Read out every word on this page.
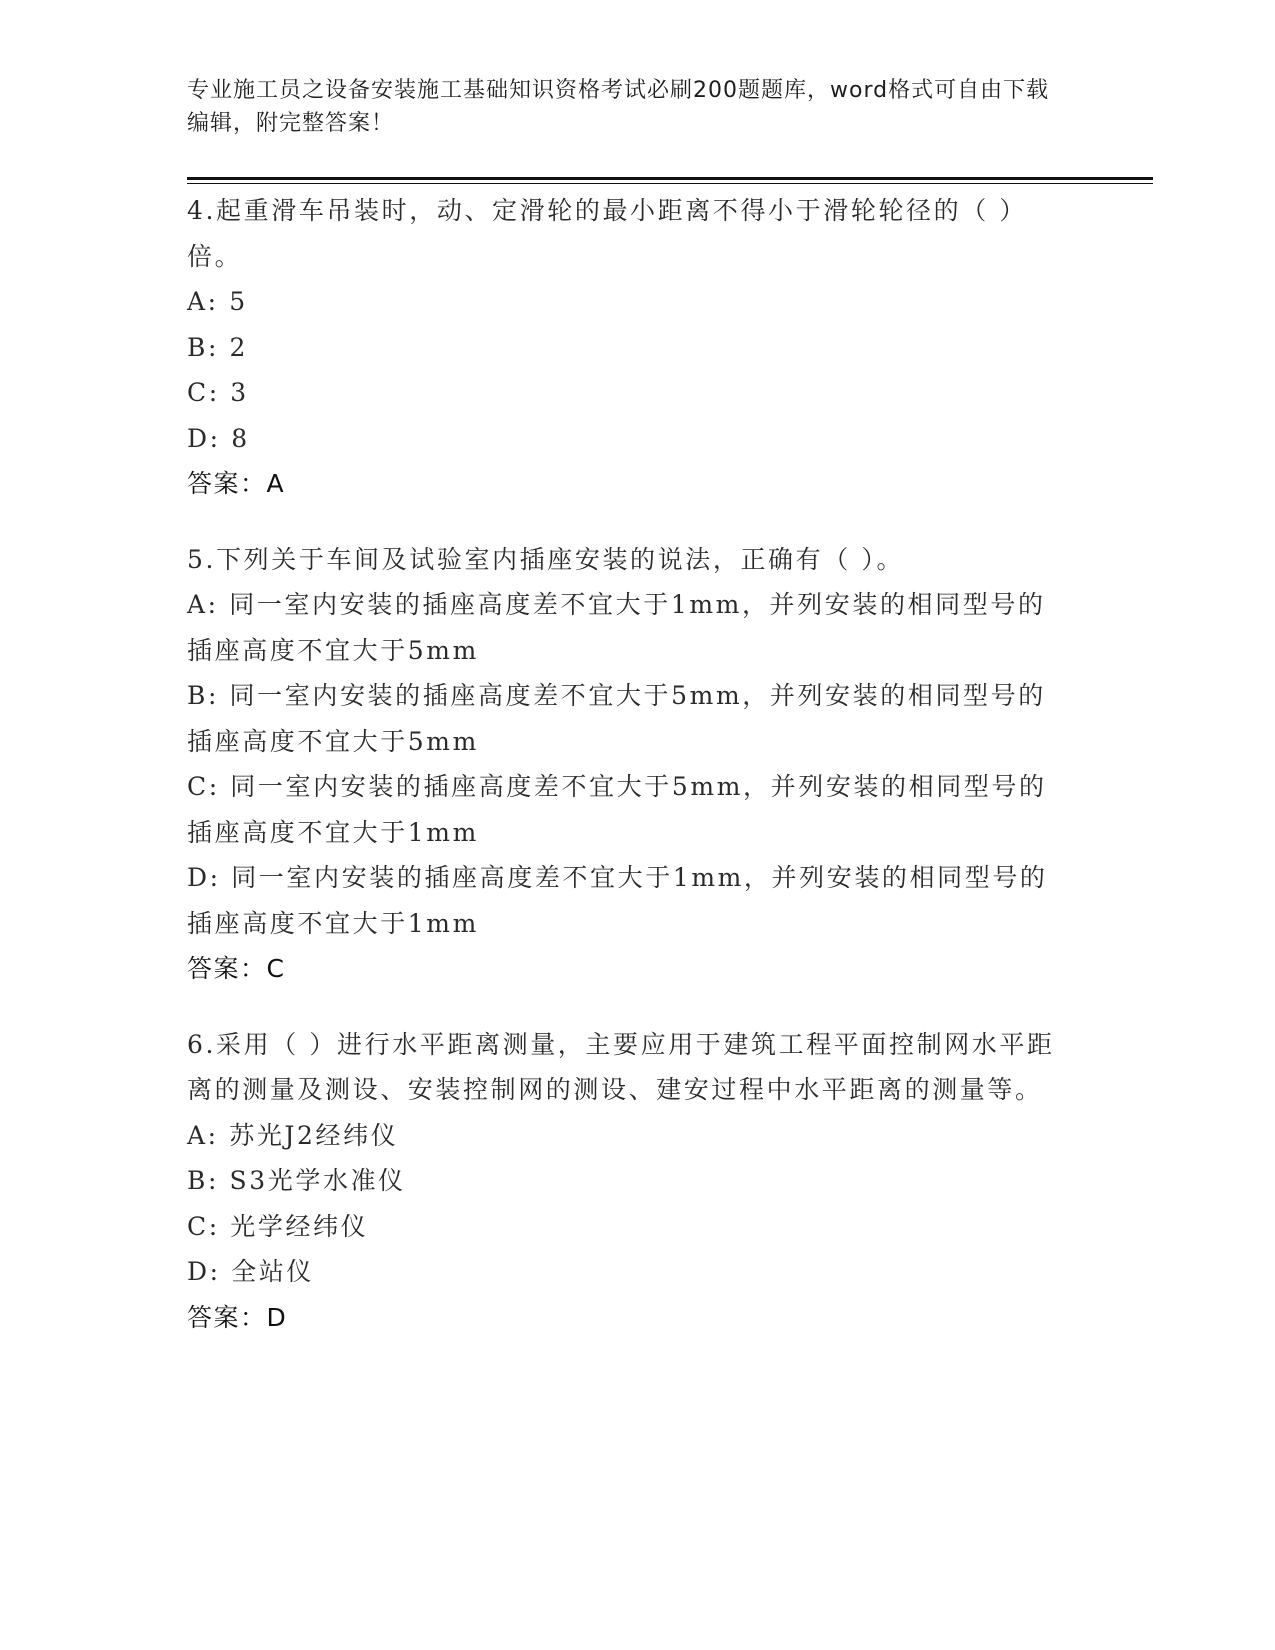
专业施工员之设备安装施工基础知识资格考试必刷200题题库，word格式可自由下载编辑，附完整答案！
4.起重滑车吊装时，动、定滑轮的最小距离不得小于滑轮轮径的（ ）倍。
A: 5
B: 2
C: 3
D: 8
答案：A
5.下列关于车间及试验室内插座安装的说法，正确有（ ）。
A: 同一室内安装的插座高度差不宜大于1mm，并列安装的相同型号的插座高度不宜大于5mm
B: 同一室内安装的插座高度差不宜大于5mm，并列安装的相同型号的插座高度不宜大于5mm
C: 同一室内安装的插座高度差不宜大于5mm，并列安装的相同型号的插座高度不宜大于1mm
D: 同一室内安装的插座高度差不宜大于1mm，并列安装的相同型号的插座高度不宜大于1mm
答案：C
6.采用（ ）进行水平距离测量，主要应用于建筑工程平面控制网水平距离的测量及测设、安装控制网的测设、建安过程中水平距离的测量等。
A: 苏光J2经纬仪
B: S3光学水准仪
C: 光学经纬仪
D: 全站仪
答案：D
